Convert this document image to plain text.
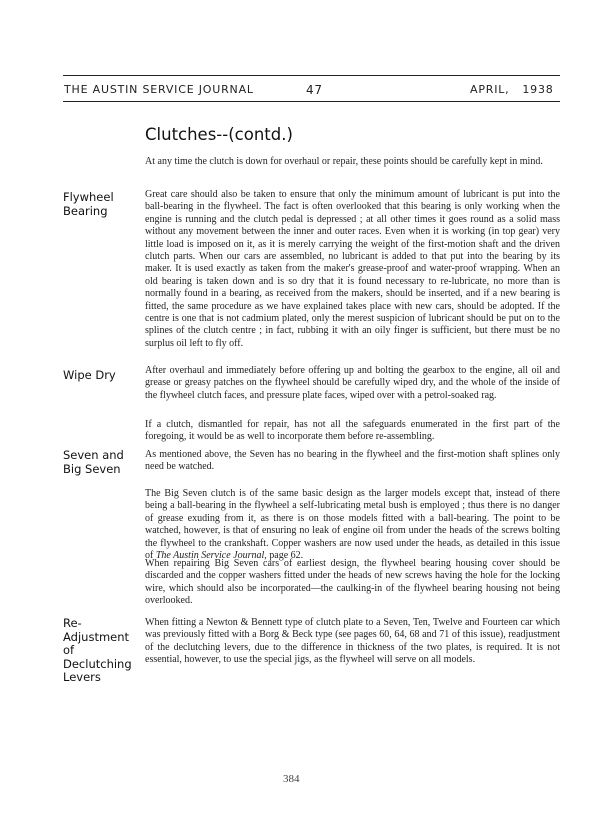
THE AUSTIN SERVICE JOURNAL	47	APRIL,   1938
Clutches--(contd.)
At any time the clutch is down for overhaul or repair, these points should be carefully kept in mind.
Flywheel Bearing
Great care should also be taken to ensure that only the minimum amount of lubricant is put into the ball-bearing in the flywheel. The fact is often overlooked that this bearing is only working when the engine is running and the clutch pedal is depressed ; at all other times it goes round as a solid mass without any movement between the inner and outer races. Even when it is working (in top gear) very little load is imposed on it, as it is merely carrying the weight of the first-motion shaft and the driven clutch parts. When our cars are assembled, no lubricant is added to that put into the bearing by its maker. It is used exactly as taken from the maker's grease-proof and water-proof wrapping. When an old bearing is taken down and is so dry that it is found necessary to re-lubricate, no more than is normally found in a bearing, as received from the makers, should be inserted, and if a new bearing is fitted, the same procedure as we have explained takes place with new cars, should be adopted. If the centre is one that is not cadmium plated, only the merest suspicion of lubricant should be put on to the splines of the clutch centre ; in fact, rubbing it with an oily finger is sufficient, but there must be no surplus oil left to fly off.
Wipe Dry	After overhaul and immediately before offering up and bolting the gearbox to the engine, all oil and grease or greasy patches on the flywheel should be carefully wiped dry, and the whole of the inside of the flywheel clutch faces, and pressure plate faces, wiped over with a petrol-soaked rag.
If a clutch, dismantled for repair, has not all the safeguards enumerated in the first part of the foregoing, it would be as well to incorporate them before re-assembling.
Seven and Big Seven
As mentioned above, the Seven has no bearing in the flywheel and the first-motion shaft splines only need be watched.
The Big Seven clutch is of the same basic design as the larger models except that, instead of there being a ball-bearing in the flywheel a self-lubricating metal bush is employed ; thus there is no danger of grease exuding from it, as there is on those models fitted with a ball-bearing. The point to be watched, however, is that of ensuring no leak of engine oil from under the heads of the screws bolting the flywheel to the crankshaft. Copper washers are now used under the heads, as detailed in this issue of The Austin Service Journal, page 62.
When repairing Big Seven cars of earliest design, the flywheel bearing housing cover should be discarded and the copper washers fitted under the heads of new screws having the hole for the locking wire, which should also be incorporated—the caulking-in of the flywheel bearing housing not being overlooked.
Re-Adjustment of Declutching Levers
When fitting a Newton & Bennett type of clutch plate to a Seven, Ten, Twelve and Fourteen car which was previously fitted with a Borg & Beck type (see pages 60, 64, 68 and 71 of this issue), readjustment of the declutching levers, due to the difference in thickness of the two plates, is required. It is not essential, however, to use the special jigs, as the flywheel will serve on all models.
384
